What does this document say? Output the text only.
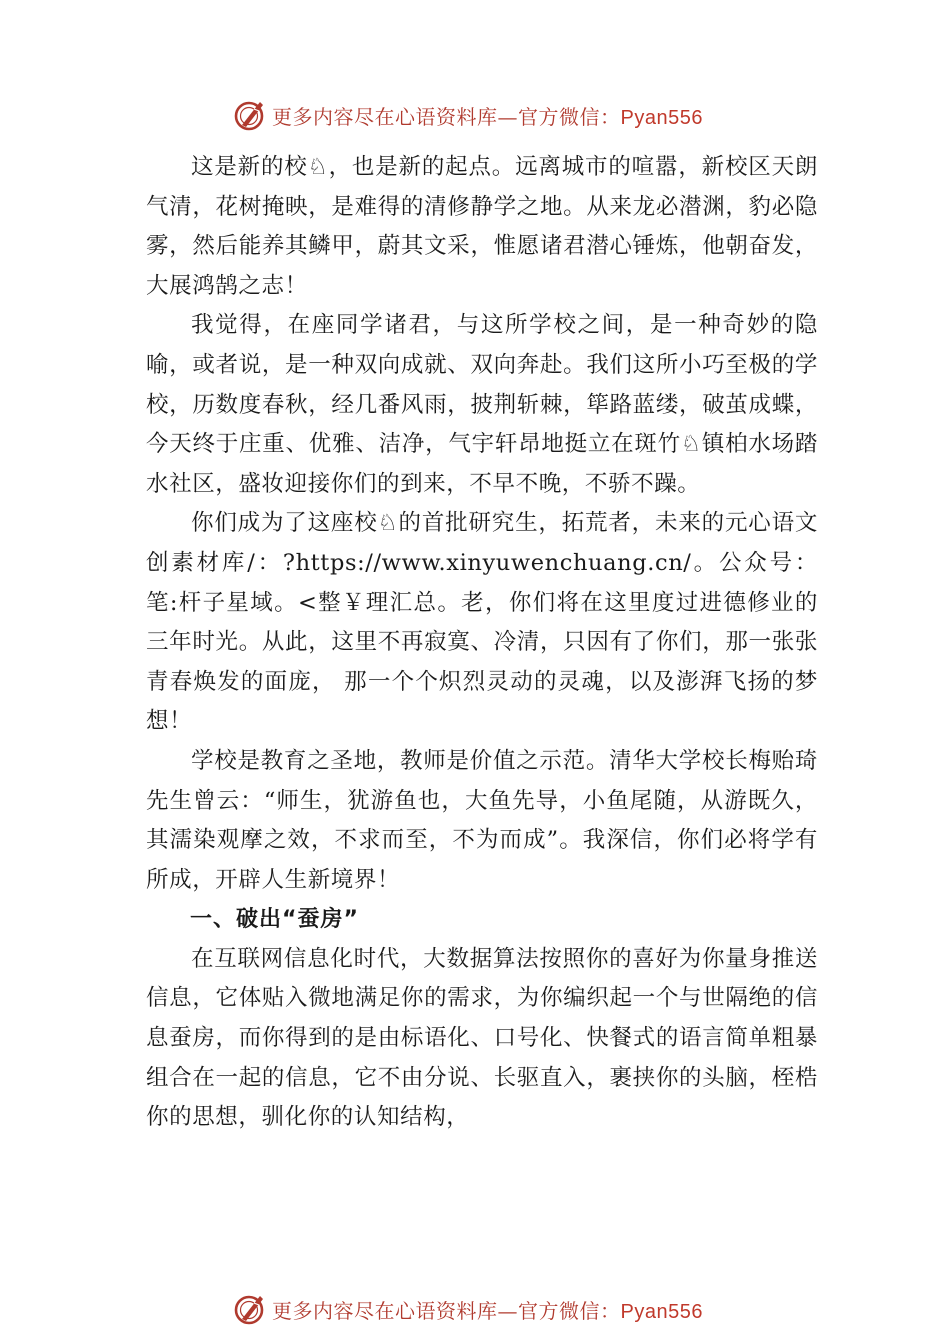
更多内容尽在心语资料库—官方微信：Pyan556

这是新的校♘，也是新的起点。远离城市的喧嚣，新校区天朗气清，花树掩映，是难得的清修静学之地。从来龙必潜渊，豹必隐雾，然后能养其鳞甲，蔚其文采，惟愿诸君潜心锤炼，他朝奋发，大展鸿鹄之志！

我觉得，在座同学诸君，与这所学校之间，是一种奇妙的隐喻，或者说，是一种双向成就、双向奔赴。我们这所小巧至极的学校，历数度春秋，经几番风雨，披荆斩棘，筚路蓝缕，破茧成蝶，今天终于庄重、优雅、洁净，气宇轩昂地挺立在斑竹♘镇柏水场踏水社区，盛妆迎接你们的到来，不早不晚，不骄不躁。

你们成为了这座校♘的首批研究生，拓荒者，未来的元心语文创素材库/：?https://www.xinyuwenchuang.cn/。公众号：笔:杆子星域。<整￥理汇总。老，你们将在这里度过进德修业的三年时光。从此，这里不再寂寞、冷清，只因有了你们，那一张张青春焕发的面庞， 那一个个炽烈灵动的灵魂，以及澎湃飞扬的梦想！

学校是教育之圣地，教师是价值之示范。清华大学校长梅贻琦先生曾云：“师生，犹游鱼也，大鱼先导，小鱼尾随，从游既久，其濡染观摩之效，不求而至，不为而成”。我深信，你们必将学有所成，开辟人生新境界！

一、破出“蚕房”

在互联网信息化时代，大数据算法按照你的喜好为你量身推送信息，它体贴入微地满足你的需求，为你编织起一个与世隔绝的信息蚕房，而你得到的是由标语化、口号化、快餐式的语言简单粗暴组合在一起的信息，它不由分说、长驱直入，裹挟你的头脑，桎梏你的思想，驯化你的认知结构，

更多内容尽在心语资料库—官方微信：Pyan556
